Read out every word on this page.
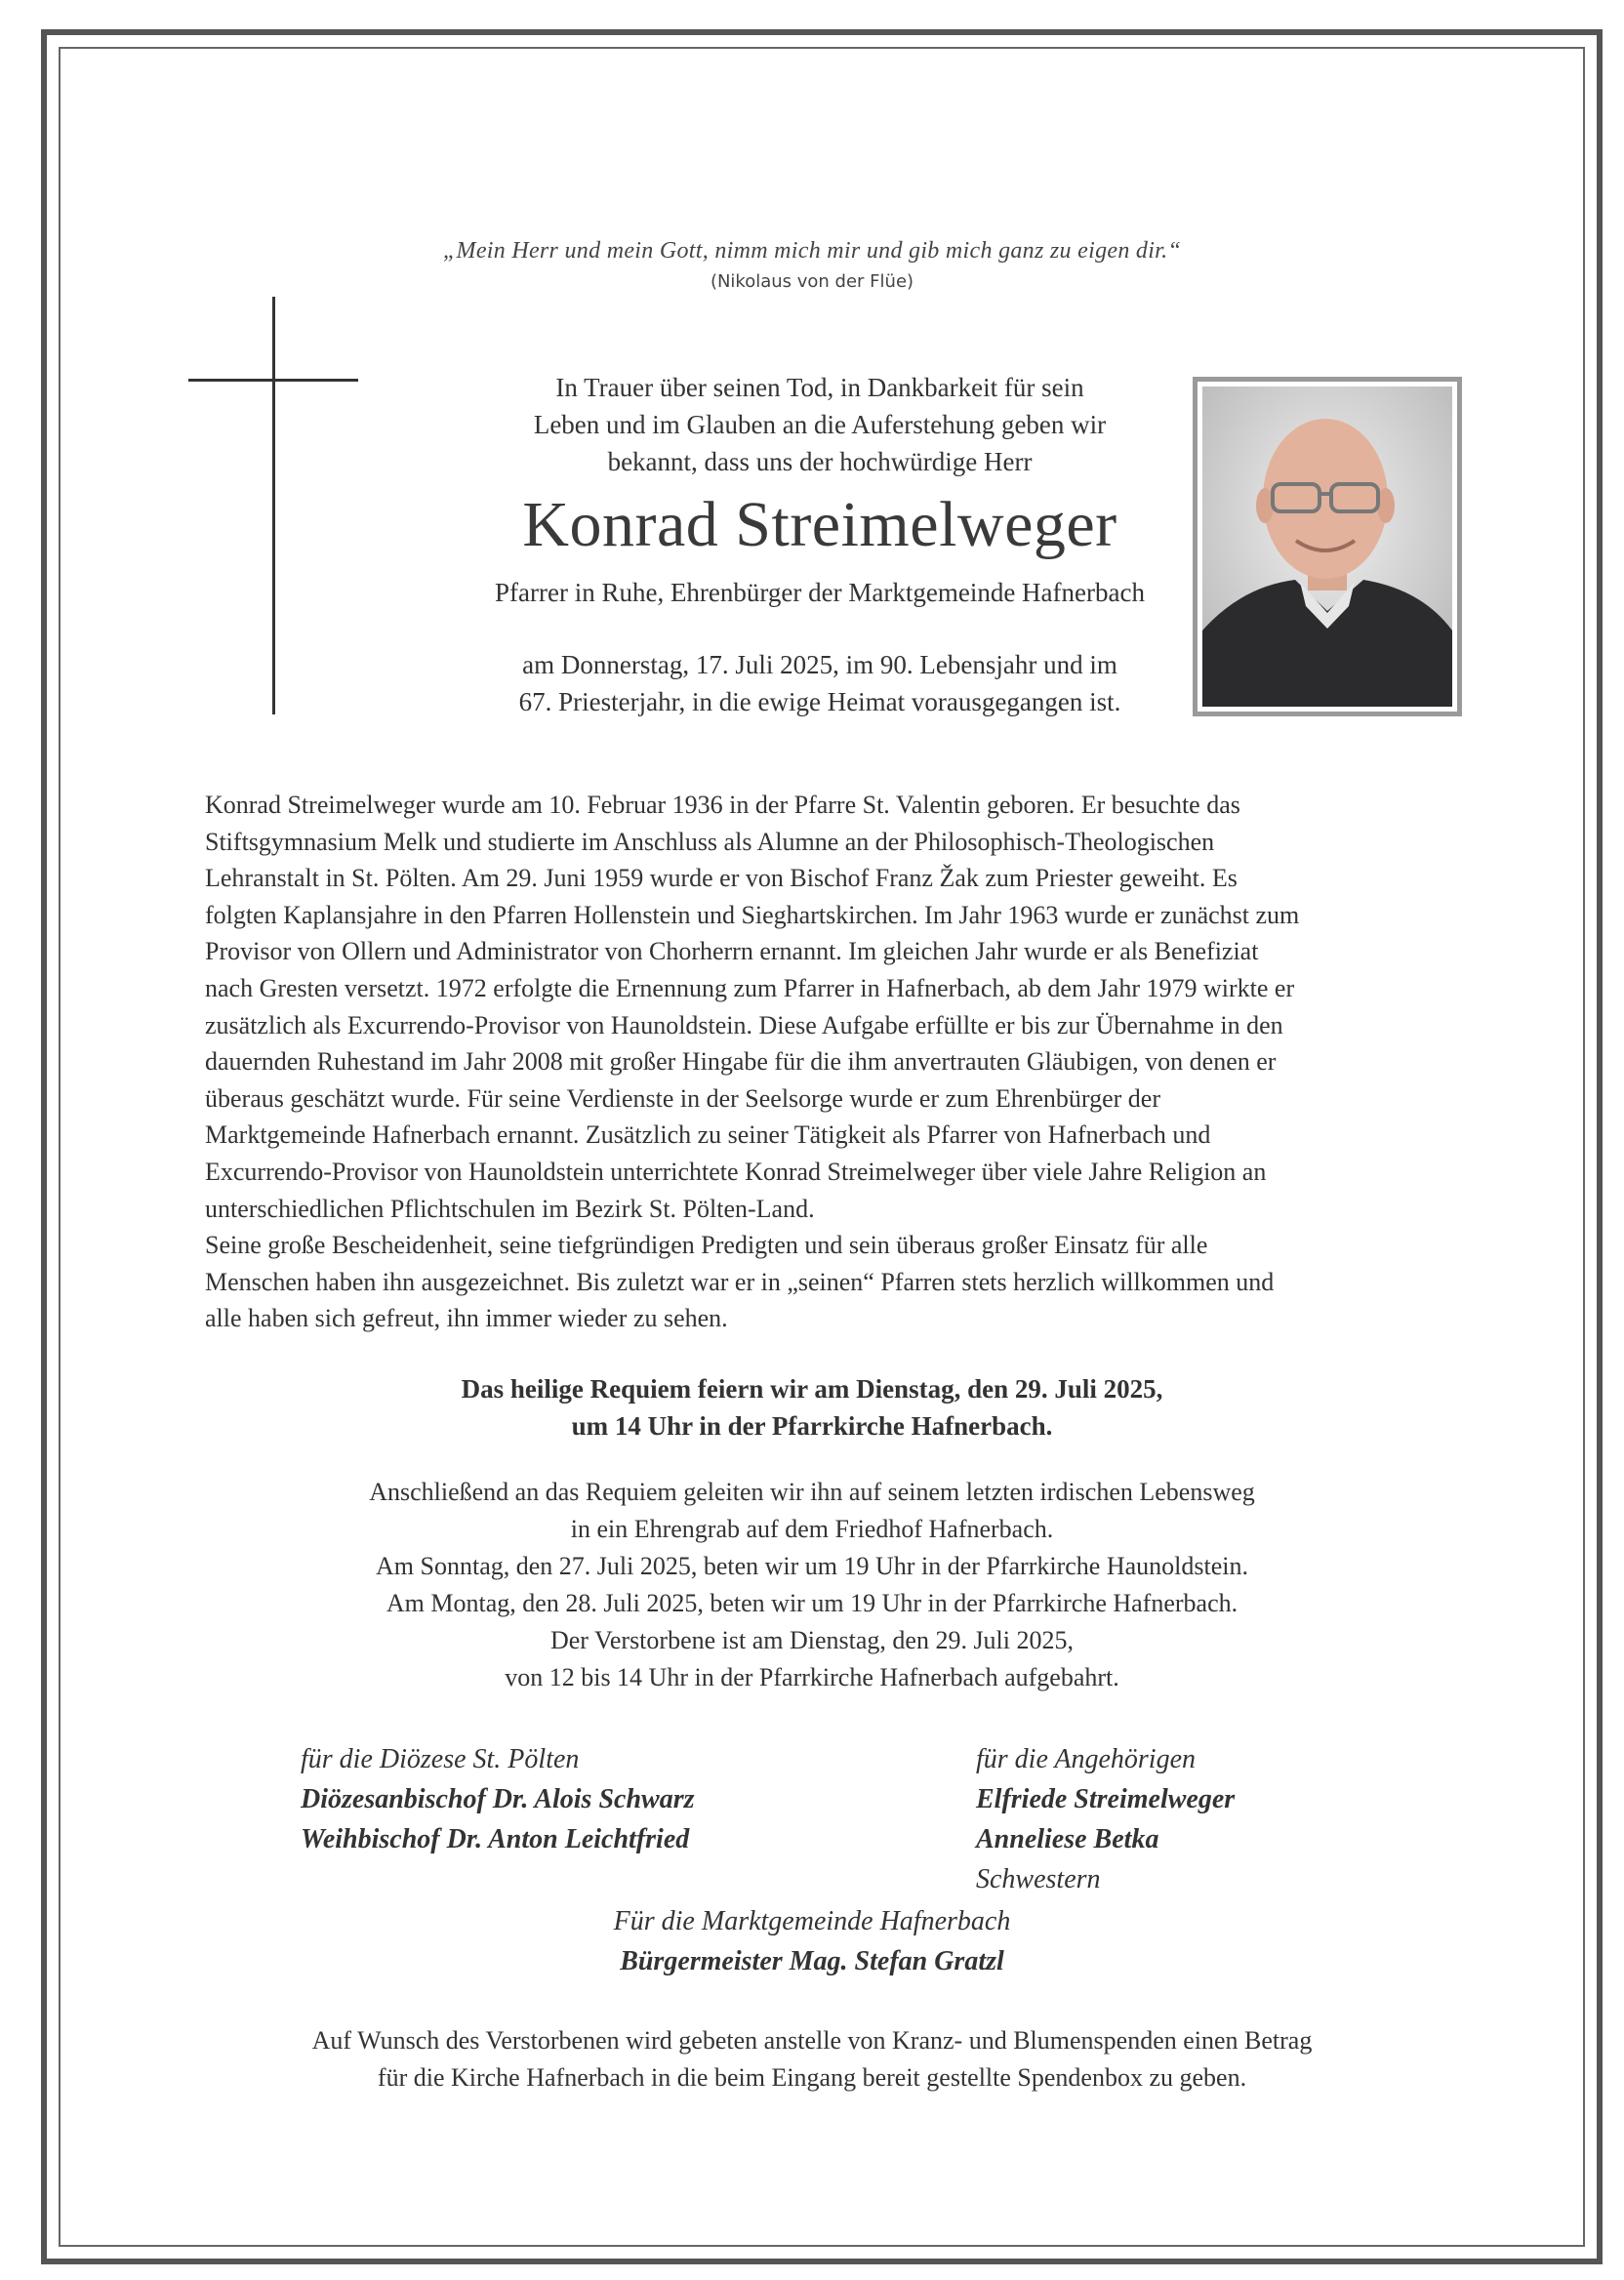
„Mein Herr und mein Gott, nimm mich mir und gib mich ganz zu eigen dir.“
(Nikolaus von der Flüe)
In Trauer über seinen Tod, in Dankbarkeit für sein
Leben und im Glauben an die Auferstehung geben wir
bekannt, dass uns der hochwürdige Herr
Konrad Streimelweger
Pfarrer in Ruhe, Ehrenbürger der Marktgemeinde Hafnerbach
am Donnerstag, 17. Juli 2025, im 90. Lebensjahr und im
67. Priesterjahr, in die ewige Heimat vorausgegangen ist.
Konrad Streimelweger wurde am 10. Februar 1936 in der Pfarre St. Valentin geboren. Er besuchte das
Stiftsgymnasium Melk und studierte im Anschluss als Alumne an der Philosophisch-Theologischen
Lehranstalt in St. Pölten. Am 29. Juni 1959 wurde er von Bischof Franz Žak zum Priester geweiht. Es
folgten Kaplansjahre in den Pfarren Hollenstein und Sieghartskirchen. Im Jahr 1963 wurde er zunächst zum
Provisor von Ollern und Administrator von Chorherrn ernannt. Im gleichen Jahr wurde er als Benefiziat
nach Gresten versetzt. 1972 erfolgte die Ernennung zum Pfarrer in Hafnerbach, ab dem Jahr 1979 wirkte er
zusätzlich als Excurrendo-Provisor von Haunoldstein. Diese Aufgabe erfüllte er bis zur Übernahme in den
dauernden Ruhestand im Jahr 2008 mit großer Hingabe für die ihm anvertrauten Gläubigen, von denen er
überaus geschätzt wurde. Für seine Verdienste in der Seelsorge wurde er zum Ehrenbürger der
Marktgemeinde Hafnerbach ernannt. Zusätzlich zu seiner Tätigkeit als Pfarrer von Hafnerbach und
Excurrendo-Provisor von Haunoldstein unterrichtete Konrad Streimelweger über viele Jahre Religion an
unterschiedlichen Pflichtschulen im Bezirk St. Pölten-Land.
Seine große Bescheidenheit, seine tiefgründigen Predigten und sein überaus großer Einsatz für alle
Menschen haben ihn ausgezeichnet. Bis zuletzt war er in „seinen“ Pfarren stets herzlich willkommen und
alle haben sich gefreut, ihn immer wieder zu sehen.
Das heilige Requiem feiern wir am Dienstag, den 29. Juli 2025,
um 14 Uhr in der Pfarrkirche Hafnerbach.
Anschließend an das Requiem geleiten wir ihn auf seinem letzten irdischen Lebensweg
in ein Ehrengrab auf dem Friedhof Hafnerbach.
Am Sonntag, den 27. Juli 2025, beten wir um 19 Uhr in der Pfarrkirche Haunoldstein.
Am Montag, den 28. Juli 2025, beten wir um 19 Uhr in der Pfarrkirche Hafnerbach.
Der Verstorbene ist am Dienstag, den 29. Juli 2025,
von 12 bis 14 Uhr in der Pfarrkirche Hafnerbach aufgebahrt.
für die Diözese St. Pölten
Diözesanbischof Dr. Alois Schwarz
Weihbischof Dr. Anton Leichtfried
für die Angehörigen
Elfriede Streimelweger
Anneliese Betka
Schwestern
Für die Marktgemeinde Hafnerbach
Bürgermeister Mag. Stefan Gratzl
Auf Wunsch des Verstorbenen wird gebeten anstelle von Kranz- und Blumenspenden einen Betrag
für die Kirche Hafnerbach in die beim Eingang bereit gestellte Spendenbox zu geben.
